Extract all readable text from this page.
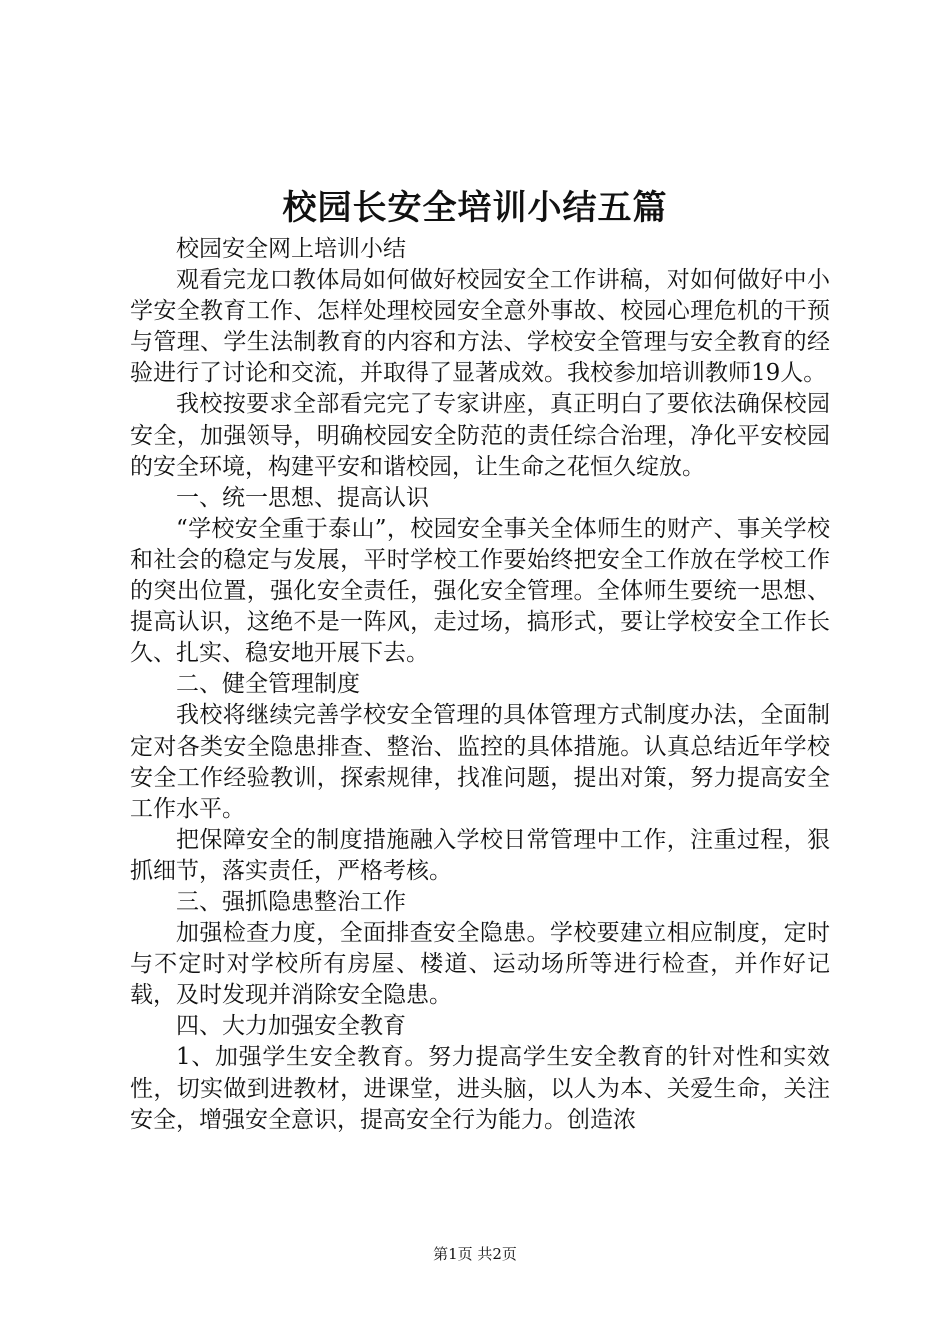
校园长安全培训小结五篇

校园安全网上培训小结

观看完龙口教体局如何做好校园安全工作讲稿，对如何做好中小学安全教育工作、怎样处理校园安全意外事故、校园心理危机的干预与管理、学生法制教育的内容和方法、学校安全管理与安全教育的经验进行了讨论和交流，并取得了显著成效。我校参加培训教师19人。

我校按要求全部看完完了专家讲座，真正明白了要依法确保校园安全，加强领导，明确校园安全防范的责任综合治理，净化平安校园的安全环境，构建平安和谐校园，让生命之花恒久绽放。

一、统一思想、提高认识

“学校安全重于泰山”，校园安全事关全体师生的财产、事关学校和社会的稳定与发展，平时学校工作要始终把安全工作放在学校工作的突出位置，强化安全责任，强化安全管理。全体师生要统一思想、提高认识，这绝不是一阵风，走过场，搞形式，要让学校安全工作长久、扎实、稳安地开展下去。

二、健全管理制度

我校将继续完善学校安全管理的具体管理方式制度办法，全面制定对各类安全隐患排查、整治、监控的具体措施。认真总结近年学校安全工作经验教训，探索规律，找准问题，提出对策，努力提高安全工作水平。

把保障安全的制度措施融入学校日常管理中工作，注重过程，狠抓细节，落实责任，严格考核。

三、强抓隐患整治工作

加强检查力度，全面排查安全隐患。学校要建立相应制度，定时与不定时对学校所有房屋、楼道、运动场所等进行检查，并作好记载，及时发现并消除安全隐患。

四、大力加强安全教育

1、加强学生安全教育。努力提高学生安全教育的针对性和实效性，切实做到进教材，进课堂，进头脑，以人为本、关爱生命，关注安全，增强安全意识，提高安全行为能力。创造浓

第1页 共2页
